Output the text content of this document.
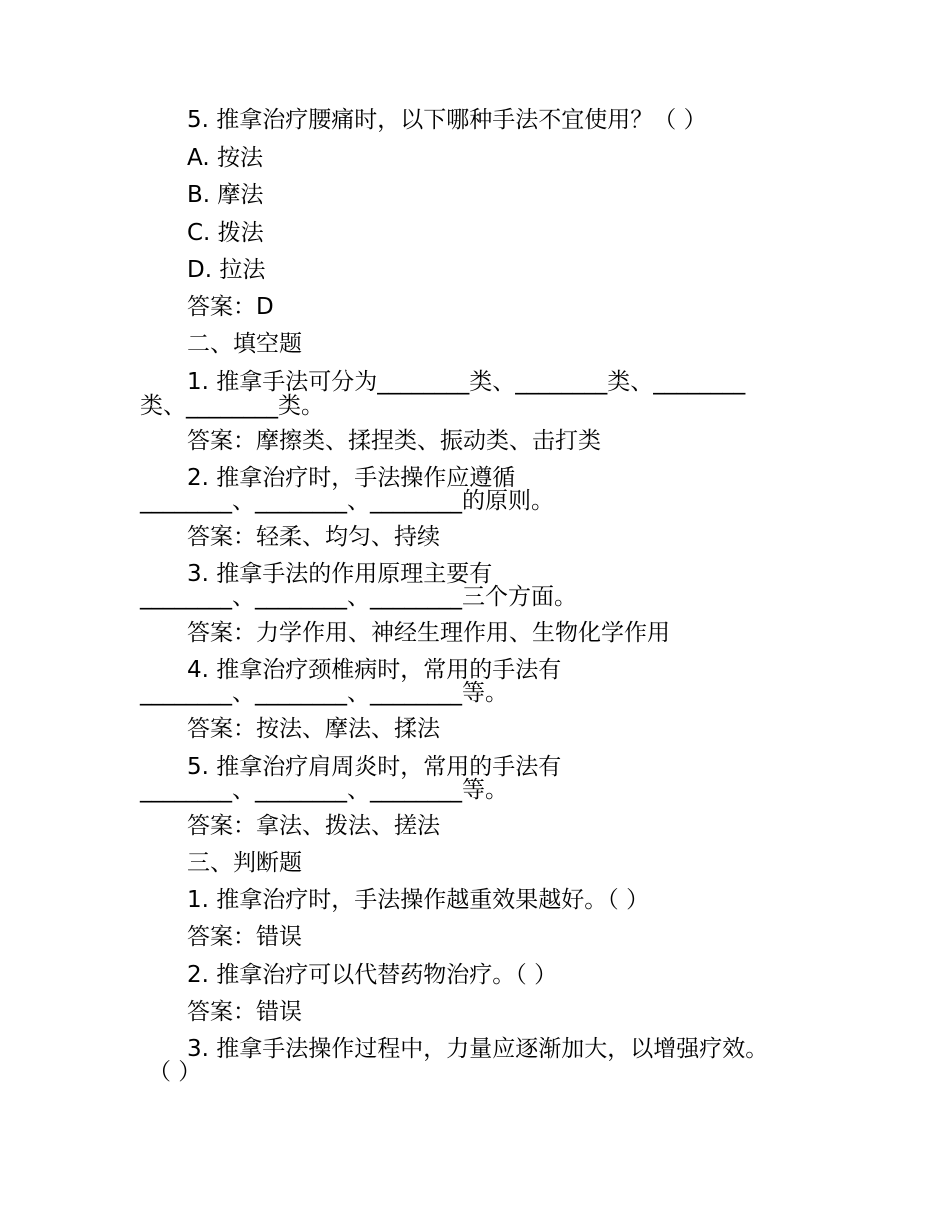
5. 推拿治疗腰痛时，以下哪种手法不宜使用？（ ）
A. 按法
B. 摩法
C. 拨法
D. 拉法
答案：D
二、填空题
1. 推拿手法可分为________类、________类、________
类、________类。
答案：摩擦类、揉捏类、振动类、击打类
2. 推拿治疗时，手法操作应遵循
________、________、________的原则。
答案：轻柔、均匀、持续
3. 推拿手法的作用原理主要有
________、________、________三个方面。
答案：力学作用、神经生理作用、生物化学作用
4. 推拿治疗颈椎病时，常用的手法有
________、________、________等。
答案：按法、摩法、揉法
5. 推拿治疗肩周炎时，常用的手法有
________、________、________等。
答案：拿法、拨法、搓法
三、判断题
1. 推拿治疗时，手法操作越重效果越好。（ ）
答案：错误
2. 推拿治疗可以代替药物治疗。（ ）
答案：错误
3. 推拿手法操作过程中，力量应逐渐加大，以增强疗效。
（ ）
